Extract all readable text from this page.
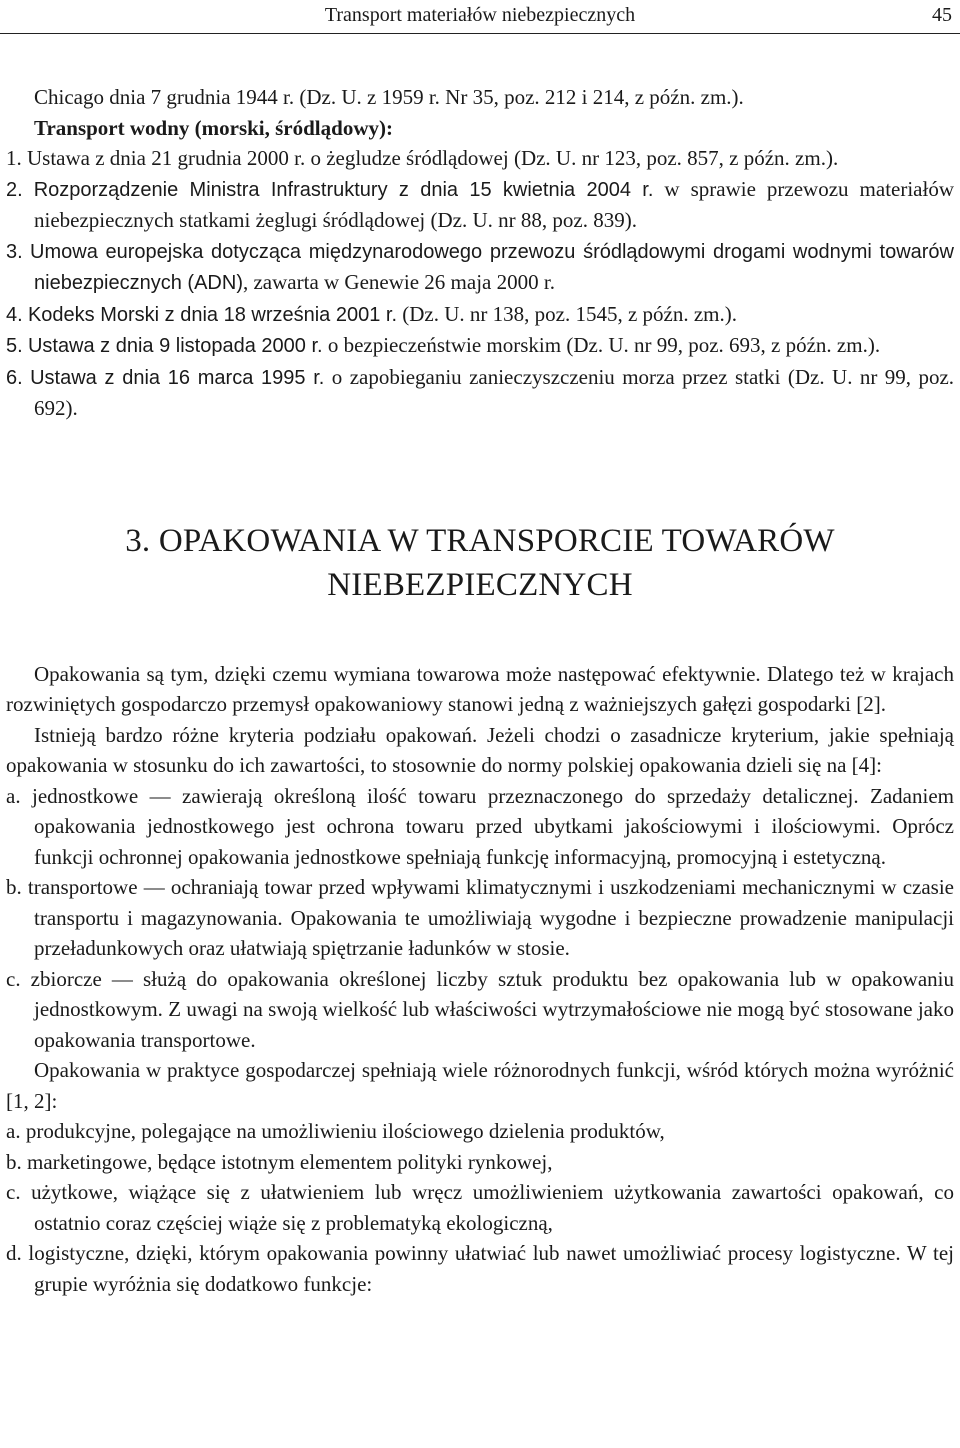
Transport materiałów niebezpiecznych	45

Chicago dnia 7 grudnia 1944 r. (Dz. U. z 1959 r. Nr 35, poz. 212 i 214, z późn. zm.).

Transport wodny (morski, śródlądowy):

1. Ustawa z dnia 21 grudnia 2000 r. o żegludze śródlądowej (Dz. U. nr 123, poz. 857, z późn. zm.).

2. Rozporządzenie Ministra Infrastruktury z dnia 15 kwietnia 2004 r. w sprawie przewozu materiałów niebezpiecznych statkami żeglugi śródlądowej (Dz. U. nr 88, poz. 839).

3. Umowa europejska dotycząca międzynarodowego przewozu śródlądowymi drogami wodnymi towarów niebezpiecznych (ADN), zawarta w Genewie 26 maja 2000 r.

4. Kodeks Morski z dnia 18 września 2001 r. (Dz. U. nr 138, poz. 1545, z późn. zm.).

5. Ustawa z dnia 9 listopada 2000 r. o bezpieczeństwie morskim (Dz. U. nr 99, poz. 693, z późn. zm.).

6. Ustawa z dnia 16 marca 1995 r. o zapobieganiu zanieczyszczeniu morza przez statki (Dz. U. nr 99, poz. 692).

3. OPAKOWANIA W TRANSPORCIE TOWARÓW
NIEBEZPIECZNYCH

Opakowania są tym, dzięki czemu wymiana towarowa może następować efektywnie. Dlatego też w krajach rozwiniętych gospodarczo przemysł opakowaniowy stanowi jedną z ważniejszych gałęzi gospodarki [2].

Istnieją bardzo różne kryteria podziału opakowań. Jeżeli chodzi o zasadnicze kryterium, jakie spełniają opakowania w stosunku do ich zawartości, to stosownie do normy polskiej opakowania dzieli się na [4]:

a. jednostkowe — zawierają określoną ilość towaru przeznaczonego do sprzedaży detalicznej. Zadaniem opakowania jednostkowego jest ochrona towaru przed ubytkami jakościowymi i ilościowymi. Oprócz funkcji ochronnej opakowania jednostkowe spełniają funkcję informacyjną, promocyjną i estetyczną.

b. transportowe — ochraniają towar przed wpływami klimatycznymi i uszkodzeniami mechanicznymi w czasie transportu i magazynowania. Opakowania te umożliwiają wygodne i bezpieczne prowadzenie manipulacji przeładunkowych oraz ułatwiają spiętrzanie ładunków w stosie.

c. zbiorcze — służą do opakowania określonej liczby sztuk produktu bez opakowania lub w opakowaniu jednostkowym. Z uwagi na swoją wielkość lub właściwości wytrzymałościowe nie mogą być stosowane jako opakowania transportowe.

Opakowania w praktyce gospodarczej spełniają wiele różnorodnych funkcji, wśród których można wyróżnić [1, 2]:

a. produkcyjne, polegające na umożliwieniu ilościowego dzielenia produktów,

b. marketingowe, będące istotnym elementem polityki rynkowej,

c. użytkowe, wiążące się z ułatwieniem lub wręcz umożliwieniem użytkowania zawartości opakowań, co ostatnio coraz częściej wiąże się z problematyką ekologiczną,

d. logistyczne, dzięki, którym opakowania powinny ułatwiać lub nawet umożliwiać procesy logistyczne. W tej grupie wyróżnia się dodatkowo funkcje:
